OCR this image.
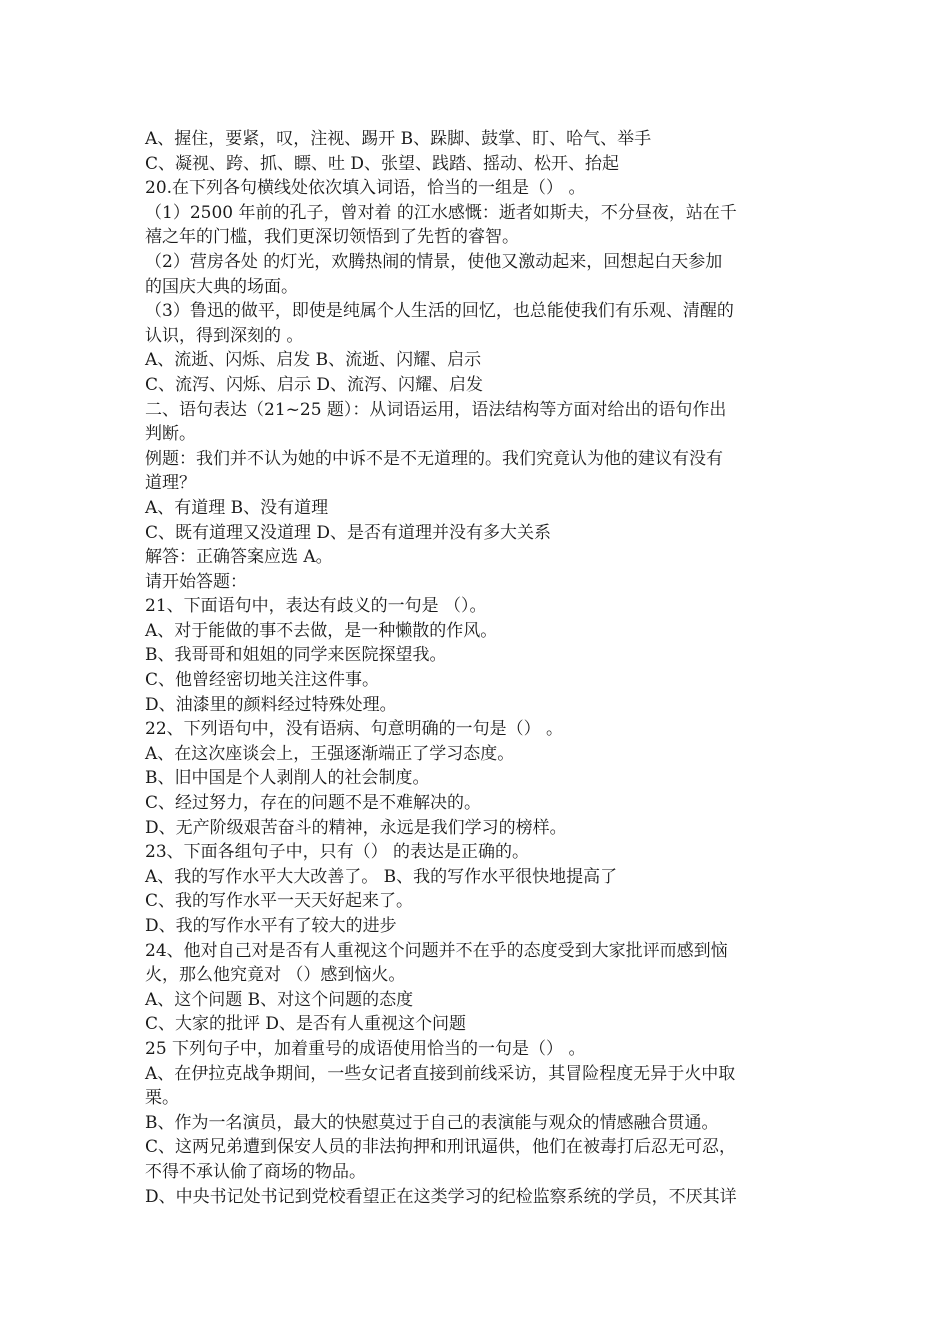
A、握住，要紧，叹，注视、踢开 B、跺脚、鼓掌、盯、哈气、举手

C、凝视、跨、抓、瞟、吐 D、张望、践踏、摇动、松开、抬起

20.在下列各句横线处依次填入词语，恰当的一组是（） 。

（1）2500 年前的孔子，曾对着 的江水感慨：逝者如斯夫，不分昼夜，站在千

禧之年的门槛，我们更深切领悟到了先哲的睿智。

（2）营房各处 的灯光，欢腾热闹的情景，使他又激动起来，回想起白天参加

的国庆大典的场面。

（3）鲁迅的做平，即使是纯属个人生活的回忆，也总能使我们有乐观、清醒的

认识，得到深刻的 。

A、流逝、闪烁、启发 B、流逝、闪耀、启示

C、流泻、闪烁、启示 D、流泻、闪耀、启发

二、语句表达（21~25 题）：从词语运用，语法结构等方面对给出的语句作出

判断。

例题：我们并不认为她的中诉不是不无道理的。我们究竟认为他的建议有没有

道理？

A、有道理 B、没有道理

C、既有道理又没道理 D、是否有道理并没有多大关系

解答：正确答案应选 A。

请开始答题：

21、下面语句中，表达有歧义的一句是 （）。

A、对于能做的事不去做，是一种懒散的作风。

B、我哥哥和姐姐的同学来医院探望我。

C、他曾经密切地关注这件事。

D、油漆里的颜料经过特殊处理。

22、下列语句中，没有语病、句意明确的一句是（） 。

A、在这次座谈会上，王强逐渐端正了学习态度。

B、旧中国是个人剥削人的社会制度。

C、经过努力，存在的问题不是不难解决的。

D、无产阶级艰苦奋斗的精神，永远是我们学习的榜样。

23、下面各组句子中，只有（） 的表达是正确的。

A、我的写作水平大大改善了。 B、我的写作水平很快地提高了

C、我的写作水平一天天好起来了。

D、我的写作水平有了较大的进步

24、他对自己对是否有人重视这个问题并不在乎的态度受到大家批评而感到恼

火，那么他究竟对 （）感到恼火。

A、这个问题 B、对这个问题的态度

C、大家的批评 D、是否有人重视这个问题

25 下列句子中，加着重号的成语使用恰当的一句是（） 。

A、在伊拉克战争期间，一些女记者直接到前线采访，其冒险程度无异于火中取

栗。

B、作为一名演员，最大的快慰莫过于自己的表演能与观众的情感融合贯通。

C、这两兄弟遭到保安人员的非法拘押和刑讯逼供，他们在被毒打后忍无可忍，

不得不承认偷了商场的物品。

D、中央书记处书记到党校看望正在这类学习的纪检监察系统的学员，不厌其详
